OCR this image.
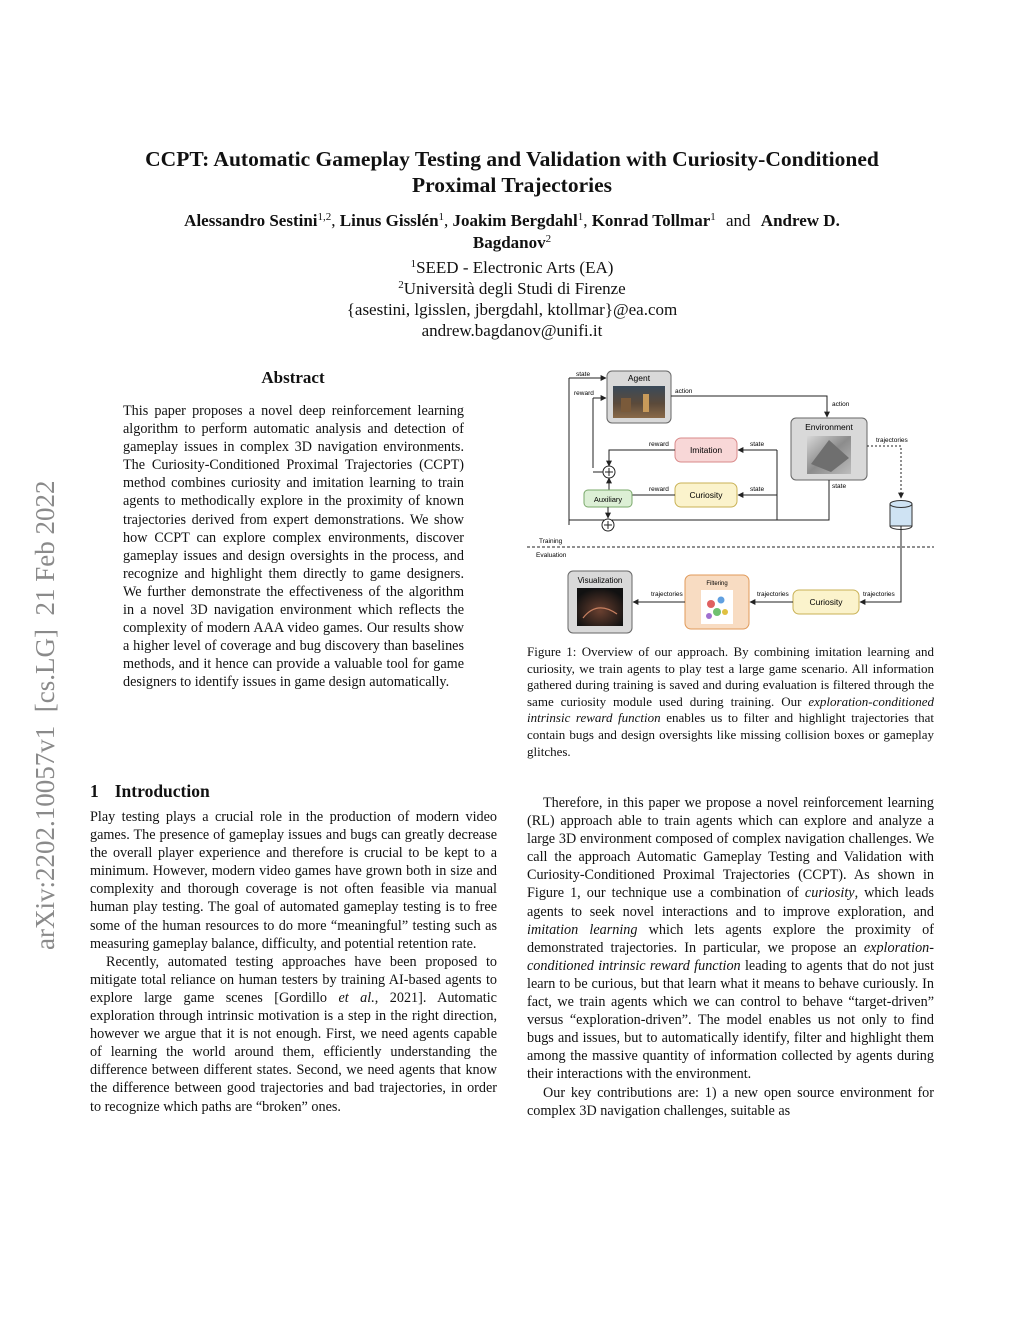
arXiv:2202.10057v1  [cs.LG]  21 Feb 2022
CCPT: Automatic Gameplay Testing and Validation with Curiosity-Conditioned
Proximal Trajectories
Alessandro Sestini$^{1,2}$, Linus Gisslén$^1$, Joakim Bergdahl$^1$, Konrad Tollmar$^1$ and Andrew D.
Bagdanov$^2$
$^1$SEED - Electronic Arts (EA)
$^2$Università degli Studi di Firenze
{asestini, lgisslen, jbergdahl, ktollmar}@ea.com
andrew.bagdanov@unifi.it
Abstract
This paper proposes a novel deep reinforcement learning algorithm to perform automatic analysis and detection of gameplay issues in complex 3D navigation environments. The Curiosity-Conditioned Proximal Trajectories (CCPT) method combines curiosity and imitation learning to train agents to methodically explore in the proximity of known trajectories derived from expert demonstrations. We show how CCPT can explore complex environments, discover gameplay issues and design oversights in the process, and recognize and highlight them directly to game designers. We further demonstrate the effectiveness of the algorithm in a novel 3D navigation environment which reflects the complexity of modern AAA video games. Our results show a higher level of coverage and bug discovery than baselines methods, and it hence can provide a valuable tool for game designers to identify issues in game design automatically.
Agent
state
reward	action
action
Environment
trajectories
state
Imitation
state
reward
Curiosity
state
reward
Auxiliary
Training
Evaluation
Visualization	Filtering
Curiosity
trajectories
trajectories
trajectories
Figure 1: Overview of our approach. By combining imitation learning and curiosity, we train agents to play test a large game scenario. All information gathered during training is saved and during evaluation is filtered through the same curiosity module used during training. Our exploration-conditioned intrinsic reward function enables us to filter and highlight trajectories that contain bugs and design oversights like missing collision boxes or gameplay glitches.
1 Introduction

Play testing plays a crucial role in the production of modern video games. The presence of gameplay issues and bugs can greatly decrease the overall player experience and therefore is crucial to be kept to a minimum. However, modern video games have grown both in size and complexity and thorough coverage is not often feasible via manual human play testing. The goal of automated gameplay testing is to free some of the human resources to do more “meaningful” testing such as measuring gameplay balance, difficulty, and potential retention rate.

Recently, automated testing approaches have been proposed to mitigate total reliance on human testers by training AI-based agents to explore large game scenes [Gordillo et al., 2021]. Automatic exploration through intrinsic motivation is a step in the right direction, however we argue that it is not enough. First, we need agents capable of learning the world around them, efficiently understanding the difference between different states. Second, we need agents that know the difference between good trajectories and bad trajectories, in order to recognize which paths are “broken” ones.

Therefore, in this paper we propose a novel reinforcement learning (RL) approach able to train agents which can explore and analyze a large 3D environment composed of complex navigation challenges. We call the approach Automatic Gameplay Testing and Validation with Curiosity-Conditioned Proximal Trajectories (CCPT). As shown in Figure 1, our technique use a combination of curiosity, which leads agents to seek novel interactions and to improve exploration, and imitation learning which lets agents explore the proximity of demonstrated trajectories. In particular, we propose an exploration-conditioned intrinsic reward function leading to agents that do not just learn to be curious, but that learn what it means to behave curiously. In fact, we train agents which we can control to behave “target-driven” versus “exploration-driven”. The model enables us not only to find bugs and issues, but to automatically identify, filter and highlight them among the massive quantity of information collected by agents during their interactions with the environment.

Our key contributions are: 1) a new open source environment for complex 3D navigation challenges, suitable as
